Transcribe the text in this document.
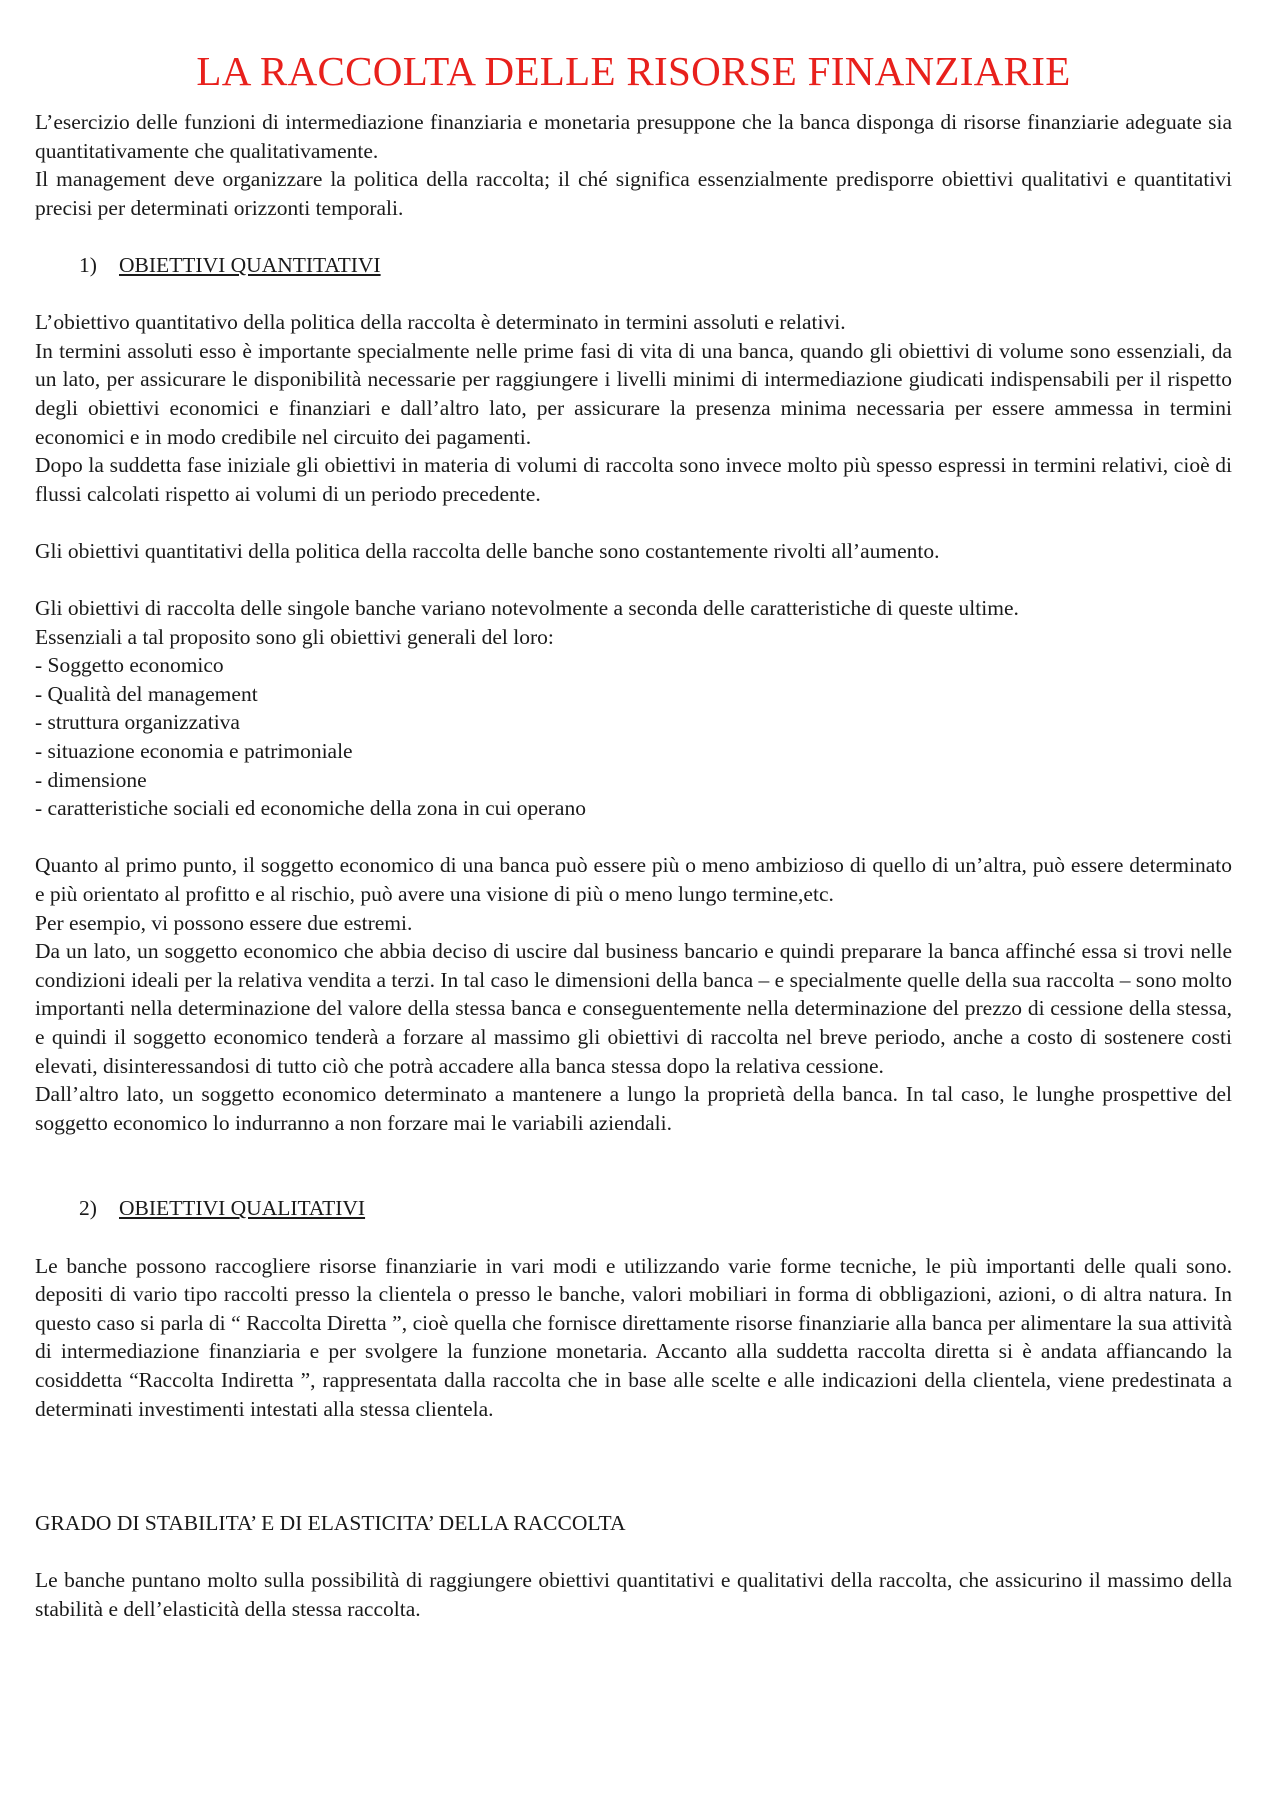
LA RACCOLTA DELLE RISORSE FINANZIARIE

L’esercizio delle funzioni di intermediazione finanziaria e monetaria presuppone che la banca disponga di risorse finanziarie adeguate sia quantitativamente che qualitativamente.

Il management deve organizzare la politica della raccolta; il ché significa essenzialmente predisporre obiettivi qualitativi e quantitativi precisi per determinati orizzonti temporali.

1) OBIETTIVI QUANTITATIVI

L’obiettivo quantitativo della politica della raccolta è determinato in termini assoluti e relativi.

In termini assoluti esso è importante specialmente nelle prime fasi di vita di una banca, quando gli obiettivi di volume sono essenziali, da un lato, per assicurare le disponibilità necessarie per raggiungere i livelli minimi di intermediazione giudicati indispensabili per il rispetto degli obiettivi economici e finanziari e dall’altro lato, per assicurare la presenza minima necessaria per essere ammessa in termini economici e in modo credibile nel circuito dei pagamenti.

Dopo la suddetta fase iniziale gli obiettivi in materia di volumi di raccolta sono invece molto più spesso espressi in termini relativi, cioè di flussi calcolati rispetto ai volumi di un periodo precedente.

Gli obiettivi quantitativi della politica della raccolta delle banche sono costantemente rivolti all’aumento.

Gli obiettivi di raccolta delle singole banche variano notevolmente a seconda delle caratteristiche di queste ultime.

Essenziali a tal proposito sono gli obiettivi generali del loro:

- Soggetto economico
- Qualità del management
- struttura organizzativa
- situazione economia e patrimoniale
- dimensione
- caratteristiche sociali ed economiche della zona in cui operano

Quanto al primo punto, il soggetto economico di una banca può essere più o meno ambizioso di quello di un’altra, può essere determinato e più orientato al profitto e al rischio, può avere una visione di più o meno lungo termine,etc.

Per esempio, vi possono essere due estremi.

Da un lato, un soggetto economico che abbia deciso di uscire dal business bancario e quindi preparare la banca affinché essa si trovi nelle condizioni ideali per la relativa vendita a terzi. In tal caso le dimensioni della banca – e specialmente quelle della sua raccolta – sono molto importanti nella determinazione del valore della stessa banca e conseguentemente nella determinazione del prezzo di cessione della stessa, e quindi il soggetto economico tenderà a forzare al massimo gli obiettivi di raccolta nel breve periodo, anche a costo di sostenere costi elevati, disinteressandosi di tutto ciò che potrà accadere alla banca stessa dopo la relativa cessione.

Dall’altro lato, un soggetto economico determinato a mantenere a lungo la proprietà della banca. In tal caso, le lunghe prospettive del soggetto economico lo indurranno a non forzare mai le variabili aziendali.

2) OBIETTIVI QUALITATIVI

Le banche possono raccogliere risorse finanziarie in vari modi e utilizzando varie forme tecniche, le più importanti delle quali sono. depositi di vario tipo raccolti presso la clientela o presso le banche, valori mobiliari in forma di obbligazioni, azioni, o di altra natura. In questo caso si parla di “ Raccolta Diretta ”, cioè quella che fornisce direttamente risorse finanziarie alla banca per alimentare la sua attività di intermediazione finanziaria e per svolgere la funzione monetaria. Accanto alla suddetta raccolta diretta si è andata affiancando la cosiddetta “Raccolta Indiretta ”, rappresentata dalla raccolta che in base alle scelte e alle indicazioni della clientela, viene predestinata a determinati investimenti intestati alla stessa clientela.

GRADO DI STABILITA’ E DI ELASTICITA’ DELLA RACCOLTA

Le banche puntano molto sulla possibilità di raggiungere obiettivi quantitativi e qualitativi della raccolta, che assicurino il massimo della stabilità e dell’elasticità della stessa raccolta.
